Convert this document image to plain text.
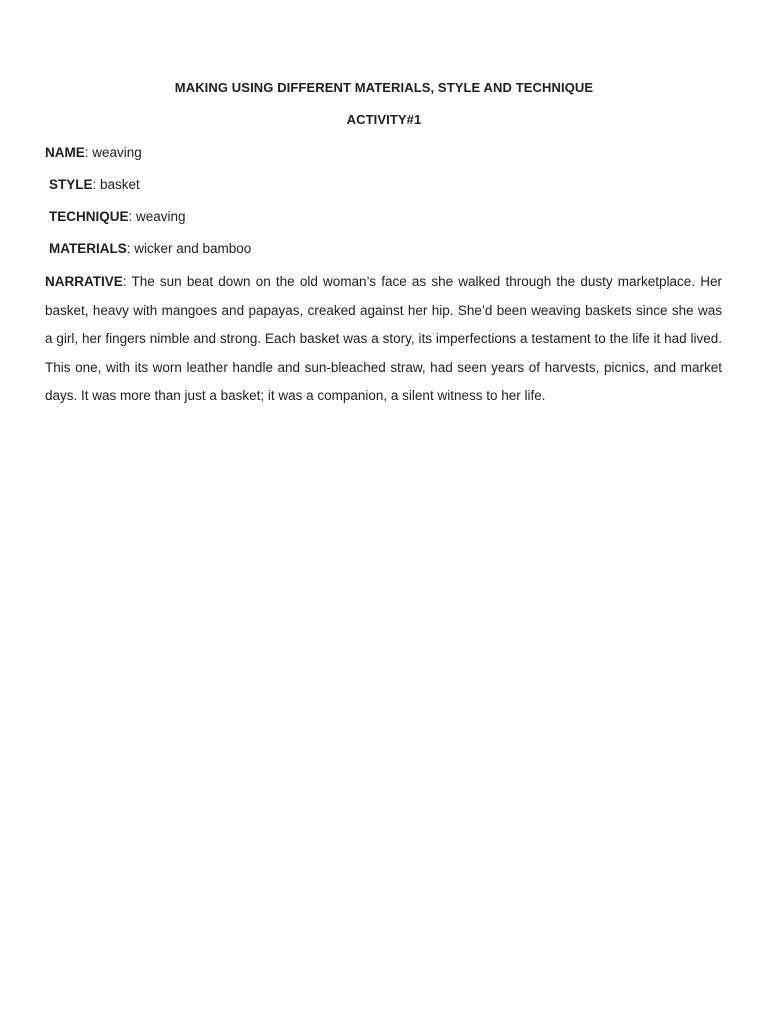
MAKING USING DIFFERENT MATERIALS, STYLE AND TECHNIQUE
ACTIVITY#1
NAME: weaving
STYLE: basket
TECHNIQUE: weaving
MATERIALS: wicker and bamboo

NARRATIVE: The sun beat down on the old woman’s face as she walked through the dusty marketplace. Her basket, heavy with mangoes and papayas, creaked against her hip. She’d been weaving baskets since she was a girl, her fingers nimble and strong. Each basket was a story, its imperfections a testament to the life it had lived. This one, with its worn leather handle and sun-bleached straw, had seen years of harvests, picnics, and market days. It was more than just a basket; it was a companion, a silent witness to her life.
